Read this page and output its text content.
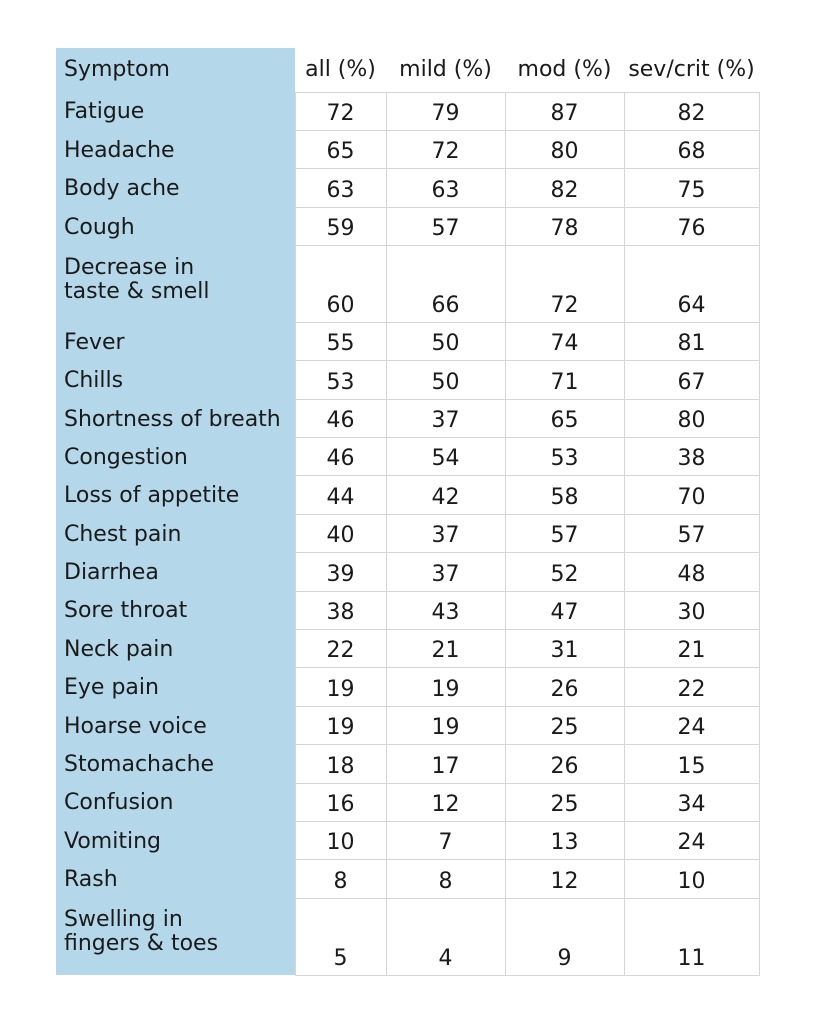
Symptom	all (%)	mild (%)	mod (%)	sev/crit (%)
Fatigue	72	79	87	82
Headache	65	72	80	68
Body ache	63	63	82	75
Cough	59	57	78	76

Decrease in
taste & smell	60	66	72	64
Fever	55	50	74	81
Chills	53	50	71	67
Shortness of breath	46	37	65	80
Congestion	46	54	53	38
Loss of appetite	44	42	58	70
Chest pain	40	37	57	57
Diarrhea	39	37	52	48
Sore throat	38	43	47	30
Neck pain	22	21	31	21
Eye pain	19	19	26	22
Hoarse voice	19	19	25	24
Stomachache	18	17	26	15
Confusion	16	12	25	34
Vomiting	10	7	13	24
Rash	8	8	12	10

Swelling in
fingers & toes	5	4	9	11
